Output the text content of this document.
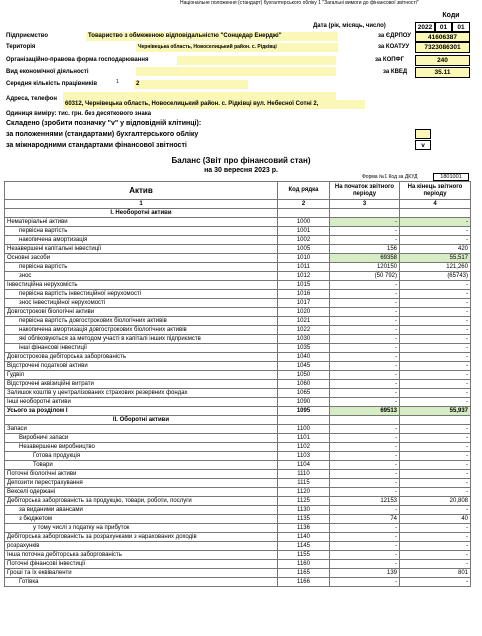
Національне положення (стандарт) бухгалтерського обліку 1 "Загальні вимоги до фінансової звітності"
Коди
Дата (рік, місяць, число)	2022	01	01
Підприємство	Товариство з обмеженою відповідальністю "Сонцедар Енерджі"	за ЄДРПОУ	41606387
Територія	Чернівецька область, Новоселицький район. с. Рідківці	за КОАТУУ	7323086301
Організаційно-правова форма господарювання	за КОПФГ	240
Вид економічної діяльності	за КВЕД	35.11
Середня кількість працівників	1	2
Адреса, телефон
60312, Чернівецька область, Новоселицький район. с. Рідківці вул. Небесної Сотні 2,
Одиниця виміру: тис. грн. без десяткового знака
Складено (зробити позначку "v" у відповідній клітинці):
за положеннями (стандартами) бухгалтерського обліку
за міжнародними стандартами фінансової звітності	v
Баланс (Звіт про фінансовий стан)
на 30 вересня 2023 р.
Форма №1 Код за ДКУД	1801001
Актив	Код рядка	На початок звітного періоду	На кінець звітного періоду
1	2	3	4
I. Необоротні активи			
Нематеріальні активи	1000	-	-
первісна вартість	1001	-	-
накопичена амортизація	1002	-	-
Незавершені капітальні інвестиції	1005	156	420
Основні засоби	1010	69358	55,517
первісна вартість	1011	120150	121,260
знос	1012	(50 792)	(65743)
Інвестиційна нерухомість	1015	-	-
первісна вартість інвестиційної нерухомості	1016	-	-
знос інвестиційної нерухомості	1017	-	-
Довгострокові біологічні активи	1020	-	-
первісна вартість довгострокових біологічних активів	1021	-	-
накопичена амортизація довгострокових біологічних активів	1022	-	-
які обліковуються за методом участі в капіталі інших підприємств	1030	-	-
інші фінансові інвестиції	1035	-	-
Довгострокова дебіторська заборгованість	1040	-	-
Відстрочені податкові активи	1045	-	-
Гудвіл	1050	-	-
Відстрочені аквізиційні витрати	1060	-	-
Залишок коштів у централізованих страхових резервних фондах	1065	-	-
Інші необоротні активи	1090	-	-
Усього за розділом I	1095	69513	55,937
II. Оборотні активи			
Запаси	1100	-	-
Виробничі запаси	1101	-	-
Незавершене виробництво	1102	-	-
Готова продукція	1103	-	-
Товари	1104	-	-
Поточні біологічні активи	1110	-	-
Депозити перестрахування	1115	-	-
Векселі одержані	1120	-	-
Дебіторська заборгованість за продукцію, товари, роботи, послуги	1125	12153	20,808
за виданими авансами	1130	-	-
з бюджетом	1135	74	40
у тому числі з податку на прибуток	1136	-	-
Дебіторська заборгованість за розрахунками з нарахованих доходів	1140	-	-
розрахунків	1145	-	-
Інша поточна дебіторська заборгованість	1155	-	-
Поточні фінансові інвестиції	1160	-	-
Гроші та їх еквіваленти	1165	139	801
Готівка	1166	-	-
